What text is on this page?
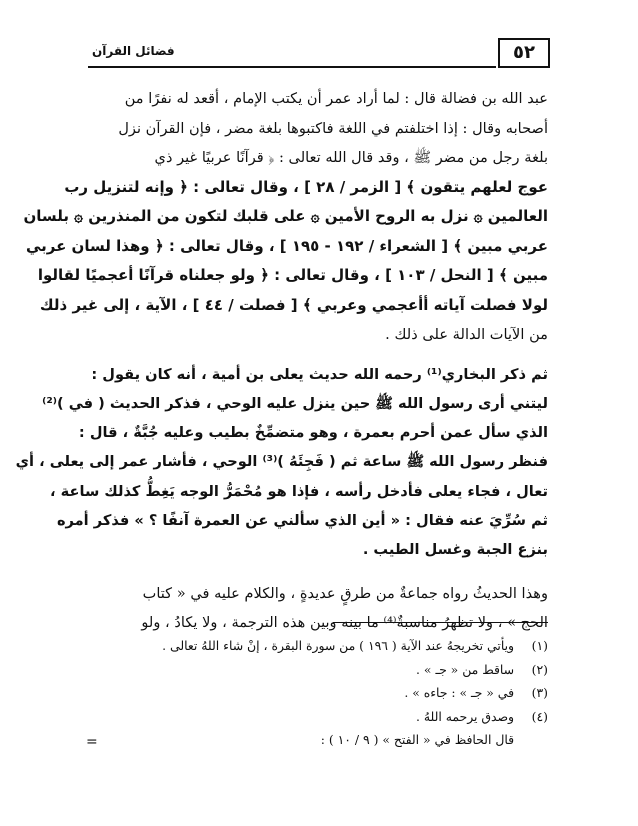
٥٢
فضائل القرآن
عبد الله بن فضالة قال : لما أراد عمر أن يكتب الإمام ، أقعد له نفرًا من
أصحابه وقال : إذا اختلفتم في اللغة فاكتبوها بلغة مضر ، فإن القرآن نزل
بلغة رجل من مضر ﷺ ، وقد قال الله تعالى : ﴿ قرآنًا عربيًا غير ذي
عوج لعلهم يتقون ﴾ [ الزمر / ٢٨ ] ، وقال تعالى : ﴿ وإنه لتنزيل رب
العالمين ۞ نزل به الروح الأمين ۞ على قلبك لتكون من المنذرين ۞ بلسان
عربي مبين ﴾ [ الشعراء / ١٩٢ - ١٩٥ ] ، وقال تعالى : ﴿ وهذا لسان عربي
مبين ﴾ [ النحل / ١٠٣ ] ، وقال تعالى : ﴿ ولو جعلناه قرآنًا أعجميًا لقالوا
لولا فصلت آياته أأعجمي وعربي ﴾ [ فصلت / ٤٤ ] ، الآية ، إلى غير ذلك
من الآيات الدالة على ذلك .
ثم ذكر البخاري⁽¹⁾ رحمه الله حديث يعلى بن أمية ، أنه كان يقول :
ليتني أرى رسول الله ﷺ حين ينزل عليه الوحي ، فذكر الحديث ( في )⁽²⁾
الذي سأل عمن أحرم بعمرة ، وهو متضمِّخٌ بطيب وعليه جُبَّةٌ ، قال :
فنظر رسول الله ﷺ ساعة ثم ( فَجِئَهُ )⁽³⁾ الوحي ، فأشار عمر إلى يعلى ، أي
تعال ، فجاء يعلى فأدخل رأسه ، فإذا هو مُحْمَرُّ الوجه يَغِطُّ كذلك ساعة ،
ثم سُرِّيَ عنه فقال : « أين الذي سألني عن العمرة آنفًا ؟ » فذكر أمره
بنزع الجبة وغسل الطيب .
وهذا الحديثُ رواه جماعةٌ من طرقٍ عديدةٍ ، والكلام عليه في « كتاب
الحج » ، ولا تظهرُ مناسبةٌ⁽⁴⁾ ما بينه وبين هذه الترجمة ، ولا يكادُ ، ولو
(١) ويأتي تخريجهُ عند الآية ( ١٩٦ ) من سورة البقرة ، إنْ شاء اللهُ تعالى .
(٢) ساقط من « جـ » .
(٣) في « جـ » : جاءه » .
(٤) وصدق يرحمه اللهُ .
قال الحافظ في « الفتح » ( ٩ / ١٠ ) :
=
